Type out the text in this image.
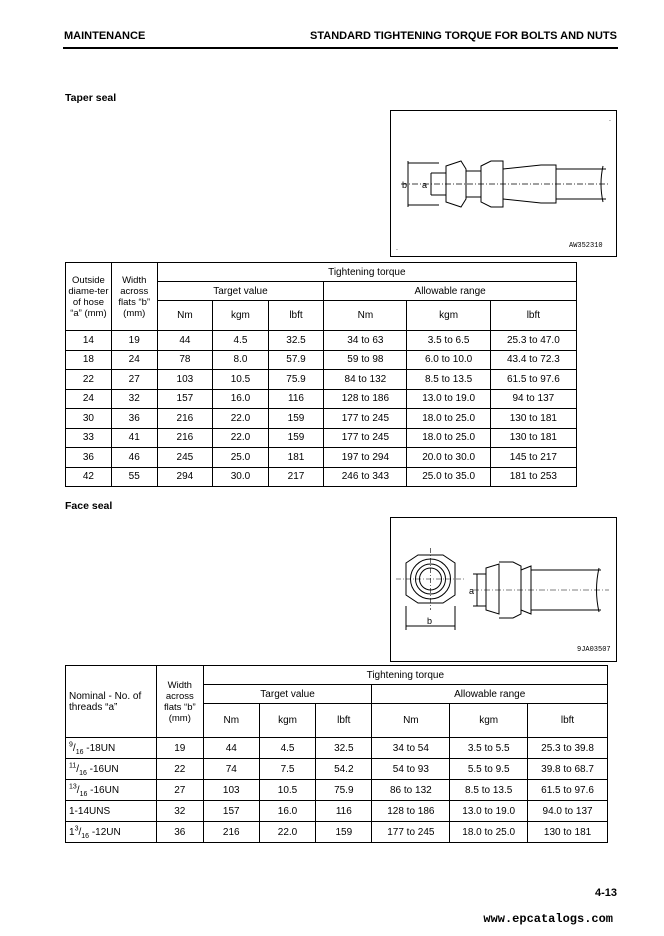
MAINTENANCE	STANDARD TIGHTENING TORQUE FOR BOLTS AND NUTS
Taper seal
b a
AW352310
.
.
Outside diame-ter of hose “a” (mm)	Width across flats “b” (mm)	Tightening torque					
		Target value			Allowable range		
		Nm	kgm	lbft	Nm	kgm	lbft
14	19	44	4.5	32.5	34 to 63	3.5 to 6.5	25.3 to 47.0
18	24	78	8.0	57.9	59 to 98	6.0 to 10.0	43.4 to 72.3
22	27	103	10.5	75.9	84 to 132	8.5 to 13.5	61.5 to 97.6
24	32	157	16.0	116	128 to 186	13.0 to 19.0	94 to 137
30	36	216	22.0	159	177 to 245	18.0 to 25.0	130 to 181
33	41	216	22.0	159	177 to 245	18.0 to 25.0	130 to 181
36	46	245	25.0	181	197 to 294	20.0 to 30.0	145 to 217
42	55	294	30.0	217	246 to 343	25.0 to 35.0	181 to 253
Face seal
b
a
9JA03507
Nominal - No. of threads “a”	Width across flats “b” (mm)	Tightening torque					
		Target value			Allowable range		
		Nm	kgm	lbft	Nm	kgm	lbft
$^9/_{16}$ -18UN	19	44	4.5	32.5	34 to 54	3.5 to 5.5	25.3 to 39.8
$^{11}/_{16}$ -16UN	22	74	7.5	54.2	54 to 93	5.5 to 9.5	39.8 to 68.7
$^{13}/_{16}$ -16UN	27	103	10.5	75.9	86 to 132	8.5 to 13.5	61.5 to 97.6
1-14UNS	32	157	16.0	116	128 to 186	13.0 to 19.0	94.0 to 137
$1^3/_{16}$ -12UN	36	216	22.0	159	177 to 245	18.0 to 25.0	130 to 181
4-13
www.epcatalogs.com
